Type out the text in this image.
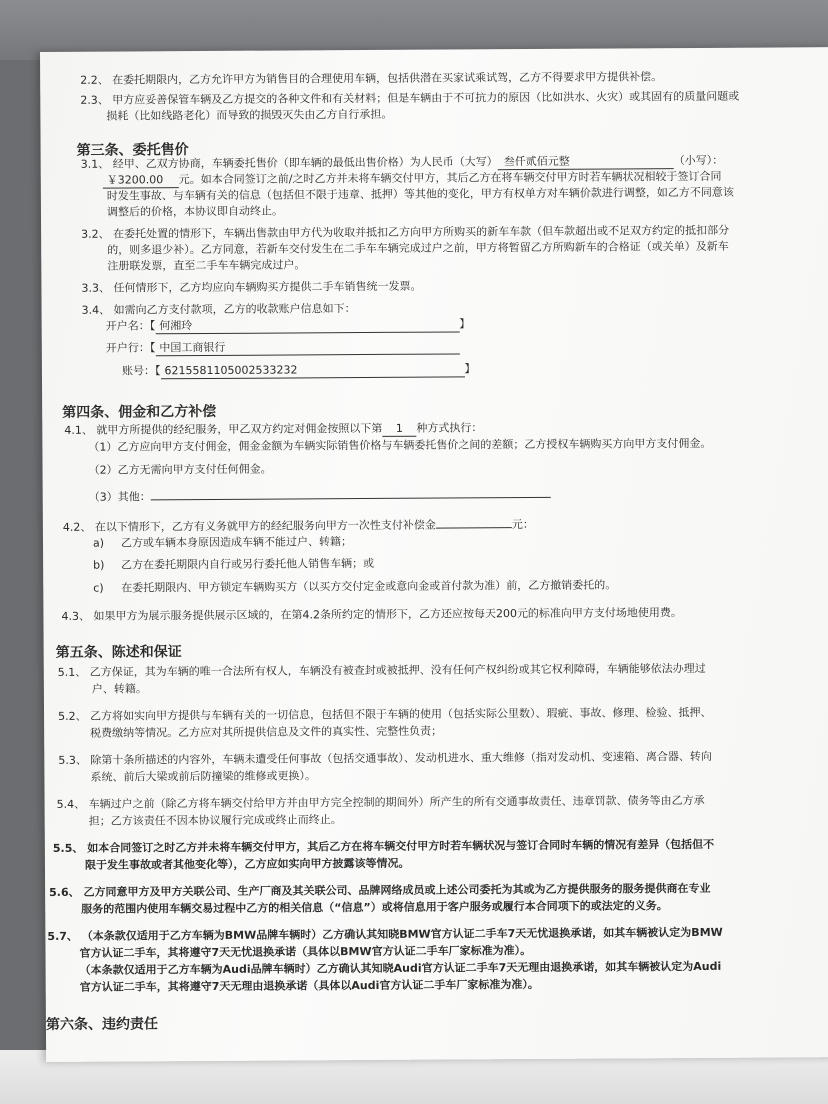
2.2、 在委托期限内，乙方允许甲方为销售目的合理使用车辆，包括供潜在买家试乘试驾，乙方不得要求甲方提供补偿。
2.3、 甲方应妥善保管车辆及乙方提交的各种文件和有关材料；但是车辆由于不可抗力的原因（比如洪水、火灾）或其固有的质量问题或
损耗（比如线路老化）而导致的损毁灭失由乙方自行承担。
第三条、委托售价
3.1、 经甲、乙双方协商，车辆委托售价（即车辆的最低出售价格）为人民币（大写） 叁仟贰佰元整	（小写）：
￥3200.00 元。如本合同签订之前/之时乙方并未将车辆交付甲方，其后乙方在将车辆交付甲方时若车辆状况相较于签订合同
时发生事故、与车辆有关的信息（包括但不限于违章、抵押）等其他的变化，甲方有权单方对车辆价款进行调整，如乙方不同意该
调整后的价格，本协议即自动终止。
3.2、 在委托处置的情形下，车辆出售款由甲方代为收取并抵扣乙方向甲方所购买的新车车款（但车款超出或不足双方约定的抵扣部分
的，则多退少补）。乙方同意，若新车交付发生在二手车车辆完成过户之前，甲方将暂留乙方所购新车的合格证（或关单）及新车
注册联发票，直至二手车车辆完成过户。
3.3、 任何情形下，乙方均应向车辆购买方提供二手车销售统一发票。
3.4、 如需向乙方支付款项，乙方的收款账户信息如下：
开户名：【 何湘玲	】
开户行：【 中国工商银行
账号：【 6215581105002533232	】
第四条、佣金和乙方补偿
4.1、 就甲方所提供的经纪服务，甲乙双方约定对佣金按照以下第 1 种方式执行：
（1）乙方应向甲方支付佣金，佣金金额为车辆实际销售价格与车辆委托售价之间的差额；乙方授权车辆购买方向甲方支付佣金。
（2）乙方无需向甲方支付任何佣金。
（3）其他：
4.2、 在以下情形下，乙方有义务就甲方的经纪服务向甲方一次性支付补偿金	元：
a) 乙方或车辆本身原因造成车辆不能过户、转籍；
b) 乙方在委托期限内自行或另行委托他人销售车辆；或
c) 在委托期限内、甲方锁定车辆购买方（以买方交付定金或意向金或首付款为准）前，乙方撤销委托的。
4.3、 如果甲方为展示服务提供展示区域的，在第4.2条所约定的情形下，乙方还应按每天200元的标准向甲方支付场地使用费。
第五条、陈述和保证
5.1、 乙方保证，其为车辆的唯一合法所有权人，车辆没有被查封或被抵押、没有任何产权纠纷或其它权利障碍，车辆能够依法办理过
户、转籍。
5.2、 乙方将如实向甲方提供与车辆有关的一切信息，包括但不限于车辆的使用（包括实际公里数）、瑕疵、事故、修理、检验、抵押、
税费缴纳等情况。乙方应对其所提供信息及文件的真实性、完整性负责；
5.3、 除第十条所描述的内容外，车辆未遭受任何事故（包括交通事故）、发动机进水、重大维修（指对发动机、变速箱、离合器、转向
系统、前后大梁或前后防撞梁的维修或更换）。
5.4、 车辆过户之前（除乙方将车辆交付给甲方并由甲方完全控制的期间外）所产生的所有交通事故责任、违章罚款、债务等由乙方承
担；乙方该责任不因本协议履行完成或终止而终止。
5.5、 如本合同签订之时乙方并未将车辆交付甲方，其后乙方在将车辆交付甲方时若车辆状况与签订合同时车辆的情况有差异（包括但不
限于发生事故或者其他变化等），乙方应如实向甲方披露该等情况。
5.6、 乙方同意甲方及甲方关联公司、生产厂商及其关联公司、品牌网络成员或上述公司委托为其或为乙方提供服务的服务提供商在专业
服务的范围内使用车辆交易过程中乙方的相关信息（“信息”）或将信息用于客户服务或履行本合同项下的或法定的义务。
5.7、 （本条款仅适用于乙方车辆为BMW品牌车辆时）乙方确认其知晓BMW官方认证二手车7天无忧退换承诺，如其车辆被认定为BMW
官方认证二手车，其将遵守7天无忧退换承诺（具体以BMW官方认证二手车厂家标准为准）。
（本条款仅适用于乙方车辆为Audi品牌车辆时）乙方确认其知晓Audi官方认证二手车7天无理由退换承诺，如其车辆被认定为Audi
官方认证二手车，其将遵守7天无理由退换承诺（具体以Audi官方认证二手车厂家标准为准）。
第六条、违约责任
